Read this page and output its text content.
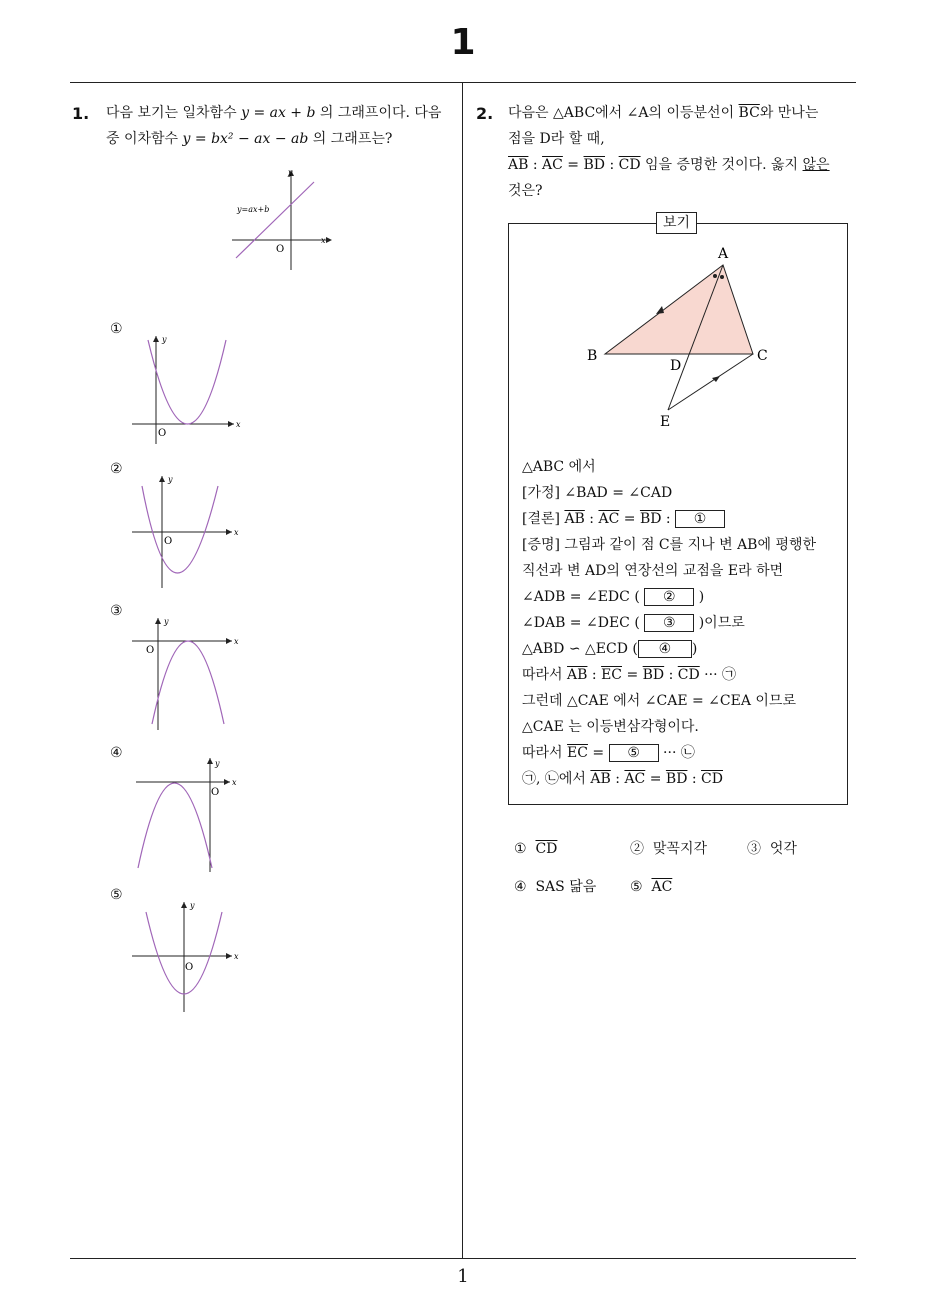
1
1
1. 다음 보기는 일차함수 y = ax + b 의 그래프이다. 다음
중 이차함수 y = bx² − ax − ab 의 그래프는?
y=ax+b
x
y
O
①
x
y
O
②
x
y
O
③
x
y
O
④
x
y
O
⑤
x
y
O
2. 다음은 △ABC에서 ∠A의 이등분선이 $\overline{BC}$와 만나는
점을 D라 할 때,
$\overline{AB}$ : $\overline{AC} = \overline{BD}$ : $\overline{CD}$ 임을 증명한 것이다. 옳지 않은
것은?
보기
A
B	C
D
E
△ABC 에서
[가정] ∠BAD = ∠CAD
[결론] $\overline{AB}$ : $\overline{AC} = \overline{BD}$ : ①
[증명] 그림과 같이 점 C를 지나 변 AB에 평행한
직선과 변 AD의 연장선의 교점을 E라 하면
∠ADB = ∠EDC ( ② )
∠DAB = ∠DEC ( ③ )이므로
△ABD ∽ △ECD ( ④ )
따라서 $\overline{AB}$ : $\overline{EC} = \overline{BD}$ : $\overline{CD}$ ··· ㉠
그런데 △CAE 에서 ∠CAE = ∠CEA 이므로
△CAE 는 이등변삼각형이다.
따라서 $\overline{EC}$ = ⑤ ··· ㉡
㉠, ㉡에서 $\overline{AB}$ : $\overline{AC} = \overline{BD}$ : $\overline{CD}$
① $\overline{CD}$	② 맞꼭지각	③ 엇각
④ SAS 닮음 ⑤ $\overline{AC}$
